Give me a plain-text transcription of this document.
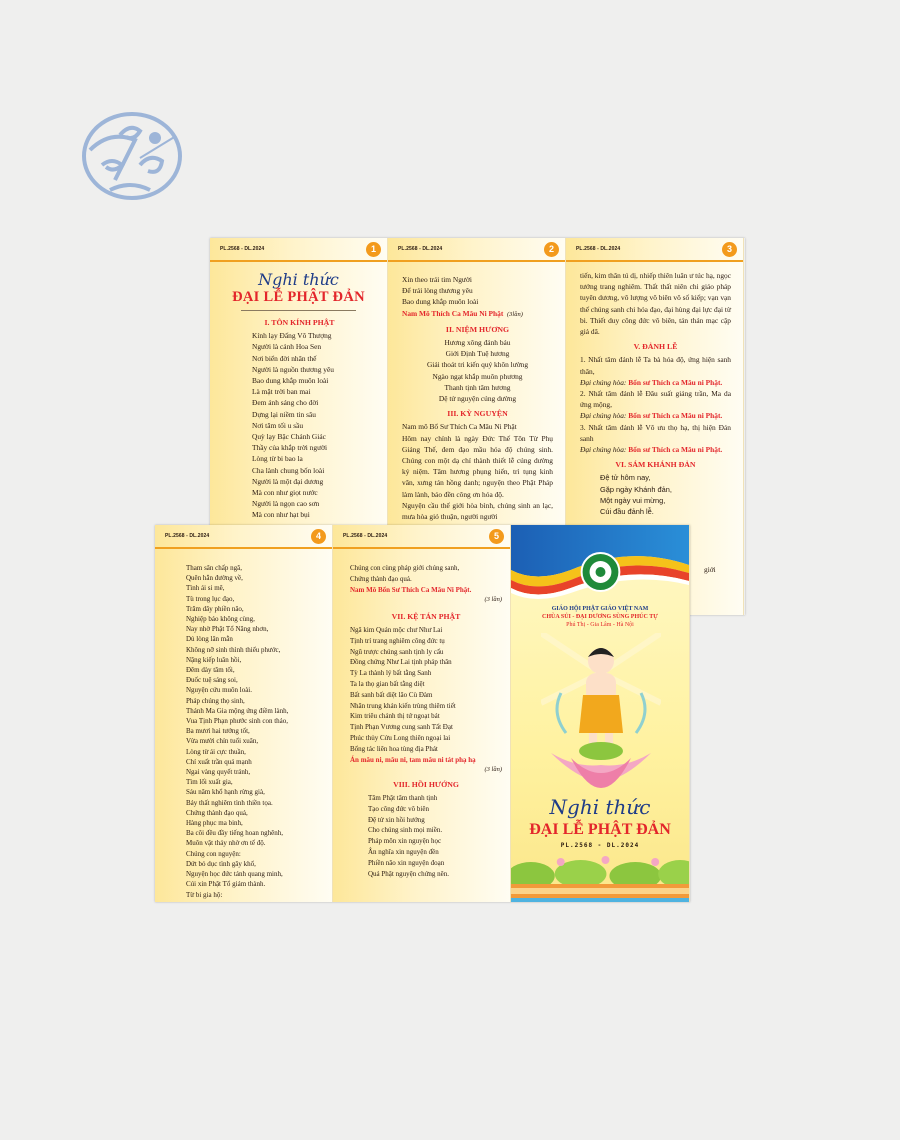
PL.2568 - DL.2024	1
Nghi thức
ĐẠI LỄ PHẬT ĐẢN
I. TÔN KÍNH PHẬT

Kính lạy Đấng Vô Thượng

Người là cánh Hoa Sen

Nơi biển đời nhân thế

Người là nguồn thương yêu

Bao dung khắp muôn loài

Là mặt trời ban mai

Đem ánh sáng cho đời

Dựng lại niềm tin sâu

Nơi tăm tối u sầu

Quỳ lạy Bậc Chánh Giác

Thầy của khắp trời người

Lòng từ bi bao la

Cha lành chung bốn loài

Người là một đại dương

Mà con như giọt nước

Người là ngọn cao sơn

Mà con như hạt bụi

PL.2568 - DL.2024	2

Xin theo trái tim Người

Để trải lòng thương yêu

Bao dung khắp muôn loài

Nam Mô Thích Ca Mâu Ni Phật (3lần)

II. NIỆM HƯƠNG

Hương xông đảnh báu

Giới Định Tuệ hương

Giải thoát tri kiến quý khôn lường

Ngào ngạt khắp muôn phương

Thanh tịnh tâm hương

Dệ tử nguyện cúng dường

III. KỲ NGUYỆN

Nam mô Bổ Sư Thích Ca Mâu Ni Phật

Hôm nay chính là ngày Đức Thế Tôn Từ Phụ Giáng Thế, đem đạo mầu hóa độ chúng sinh. Chúng con một dạ chí thành thiết lễ cúng dường kỷ niệm. Tâm hương phụng hiến, trì tụng kinh văn, xưng tán hồng danh; nguyện theo Phật Pháp làm lành, báo đền công ơn hóa độ.

Nguyện cầu thế giới hòa bình, chúng sinh an lạc, mưa hòa gió thuận, người người

PL.2568 - DL.2024	3

tiến, kim thân tú dị, nhiếp thiên luân ư túc hạ, ngọc tướng trang nghiêm. Thất thất niên chi giáo pháp tuyên dương, vô lượng vô biên vô số kiếp; vạn vạn thế chúng sanh chi hóa đạo, đại hùng đại lực đại từ bi. Thiết duy công đức vô biên, tán thán mạc cập giả dã.

V. ĐẢNH LỄ

1. Nhất tâm đảnh lễ Ta bà hóa độ, ứng hiện sanh thân,

Đại chúng hòa: Bổn sư Thích ca Mâu ni Phật.

2. Nhất tâm đảnh lễ Đâu suất giáng trần, Ma da ứng mộng,

Đại chúng hòa: Bổn sư Thích ca Mâu ni Phật.

3. Nhất tâm đảnh lễ Vô ưu thọ hạ, thị hiện Đản sanh

Đại chúng hòa: Bổn sư Thích ca Mâu ni Phật.

VI. SÁM KHÁNH ĐẢN

Đệ tử hôm nay,

Gặp ngày Khánh đản,

Một ngày vui mừng,

Cúi đầu đảnh lễ.

giới

PL.2568 - DL.2024	4

Tham sân chấp ngã,

Quên hẳn đường về,

Tình ái si mê,

Tù trong lục đạo,

Trăm dây phiền não,

Nghiệp báo không cùng,

Nay nhờ Phật Tổ Năng nhơn,

Dủ lòng lân mẫn

Không nỡ sinh thình thiểu phước,

Nặng kiếp luân hồi,

Đêm dày tăm tối,

Đuốc tuệ sáng soi,

Nguyện cứu muôn loài.

Pháp chúng thọ sinh,

Thánh Ma Gia mộng ứng điềm lành,

Vua Tịnh Phạn phước sinh con thảo,

Ba mươi hai tướng tốt,

Vừa mười chín tuổi xuân,

Lòng từ ái cực thuần,

Chí xuất trần quá mạnh

Ngai vàng quyết tránh,

Tìm lối xuất gia,

Sáu năm khổ hạnh rừng già,

Bảy thất nghiêm tình thiền tọa.

Chứng thành đạo quả,

Hàng phục ma binh,

Ba cõi đều đầy tiếng hoan nghênh,

Muôn vật thảy nhờ ơn tế độ.

Chúng con nguyện:

Dứt bỏ dục tình gây khổ,

Nguyện học đức tánh quang minh,

Cúi xin Phật Tổ giám thành.

Từ bi gia hộ:

PL.2568 - DL.2024	5

Chúng con cùng pháp giới chúng sanh,

Chứng thành đạo quả.

Nam Mô Bổn Sư Thích Ca Mâu Ni Phật.

(3 lần)

VII. KỆ TÁN PHẬT

Ngã kim Quán mộc chư Như Lai

Tịnh trí trang nghiêm công đức tụ

Ngũ trược chúng sanh tịnh ly cấu

Đồng chứng Như Lai tịnh pháp thân

Tỳ La thành lý bất tằng Sanh

Ta la thọ gian bất tằng diệt

Bất sanh bất diệt lão Cù Đàm

Nhãn trung khán kiến trùng thiêm tiết

Kim triêu chánh thị tứ ngoạt bát

Tịnh Phạn Vương cung sanh Tất Đạt

Phúc thủy Cửu Long thiên ngoại lai

Bổng tác liên hoa tùng địa Phát

Án mâu ni, mâu ni, tam mâu ni tát phạ hạ

(3 lần)

VIII. HỒI HƯỚNG

Tâm Phật tâm thanh tịnh

Tạo công đức vô biên

Đệ tử xin hồi hướng

Cho chúng sinh mọi miền.

Pháp môn xin nguyện học

Ân nghĩa xin nguyện đền

Phiền não xin nguyện đoạn

Quả Phật nguyện chứng nên.

GIÁO HỘI PHẬT GIÁO VIỆT NAM
CHÙA SỦI - ĐẠI DƯƠNG SÙNG PHÚC TỰ
Phú Thị - Gia Lâm - Hà Nội
Nghi thức
ĐẠI LỄ PHẬT ĐẢN
PL.2568 - DL.2024
